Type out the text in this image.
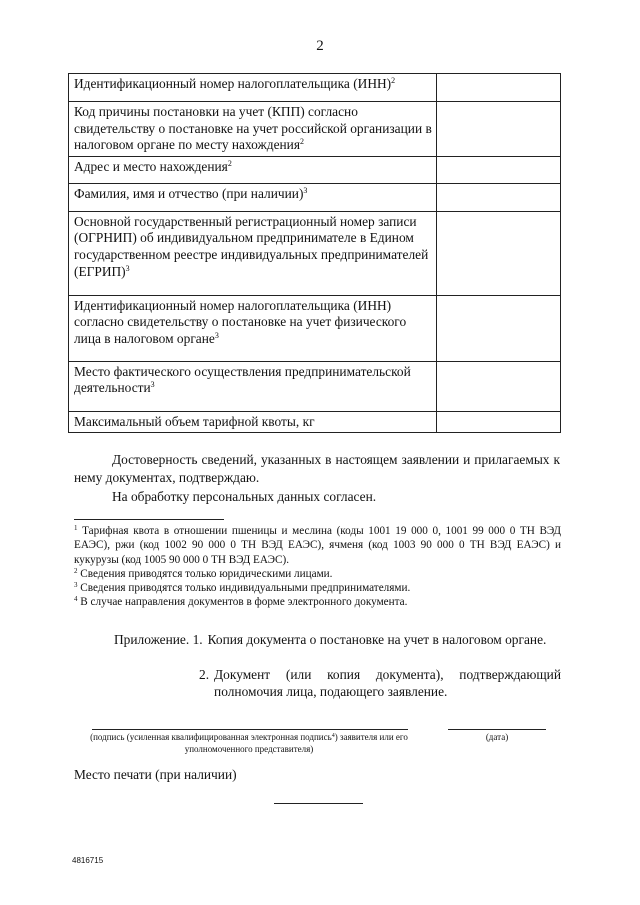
2
Идентификационный номер налогоплательщика (ИНН)$^2$	
Код причины постановки на учет (КПП) согласно свидетельству о постановке на учет российской организации в налоговом органе по месту нахождения$^2$	
Адрес и место нахождения$^2$	
Фамилия, имя и отчество (при наличии)$^3$	
Основной государственный регистрационный номер записи (ОГРНИП) об индивидуальном предпринимателе в Едином государственном реестре индивидуальных предпринимателей (ЕГРИП)$^3$	
Идентификационный номер налогоплательщика (ИНН) согласно свидетельству о постановке на учет физического лица в налоговом органе$^3$	
Место фактического осуществления предпринимательской деятельности$^3$	
Максимальный объем тарифной квоты, кг	
Достоверность сведений, указанных в настоящем заявлении и прилагаемых к нему документах, подтверждаю.
На обработку персональных данных согласен.

$^1$ Тарифная квота в отношении пшеницы и меслина (коды 1001 19 000 0, 1001 99 000 0 ТН ВЭД ЕАЭС), ржи (код 1002 90 000 0 ТН ВЭД ЕАЭС), ячменя (код 1003 90 000 0 ТН ВЭД ЕАЭС) и кукурузы (код 1005 90 000 0 ТН ВЭД ЕАЭС).

$^2$ Сведения приводятся только юридическими лицами.

$^3$ Сведения приводятся только индивидуальными предпринимателями.

$^4$ В случае направления документов в форме электронного документа.

Приложение. 1. Копия документа о постановке на учет в налоговом органе.
2. Документ (или копия документа), подтверждающий полномочия лица, подающего заявление.
(подпись (усиленная квалифицированная электронная подпись$^4$) заявителя или его уполномоченного представителя)
(дата)
Место печати (при наличии)
4816715
